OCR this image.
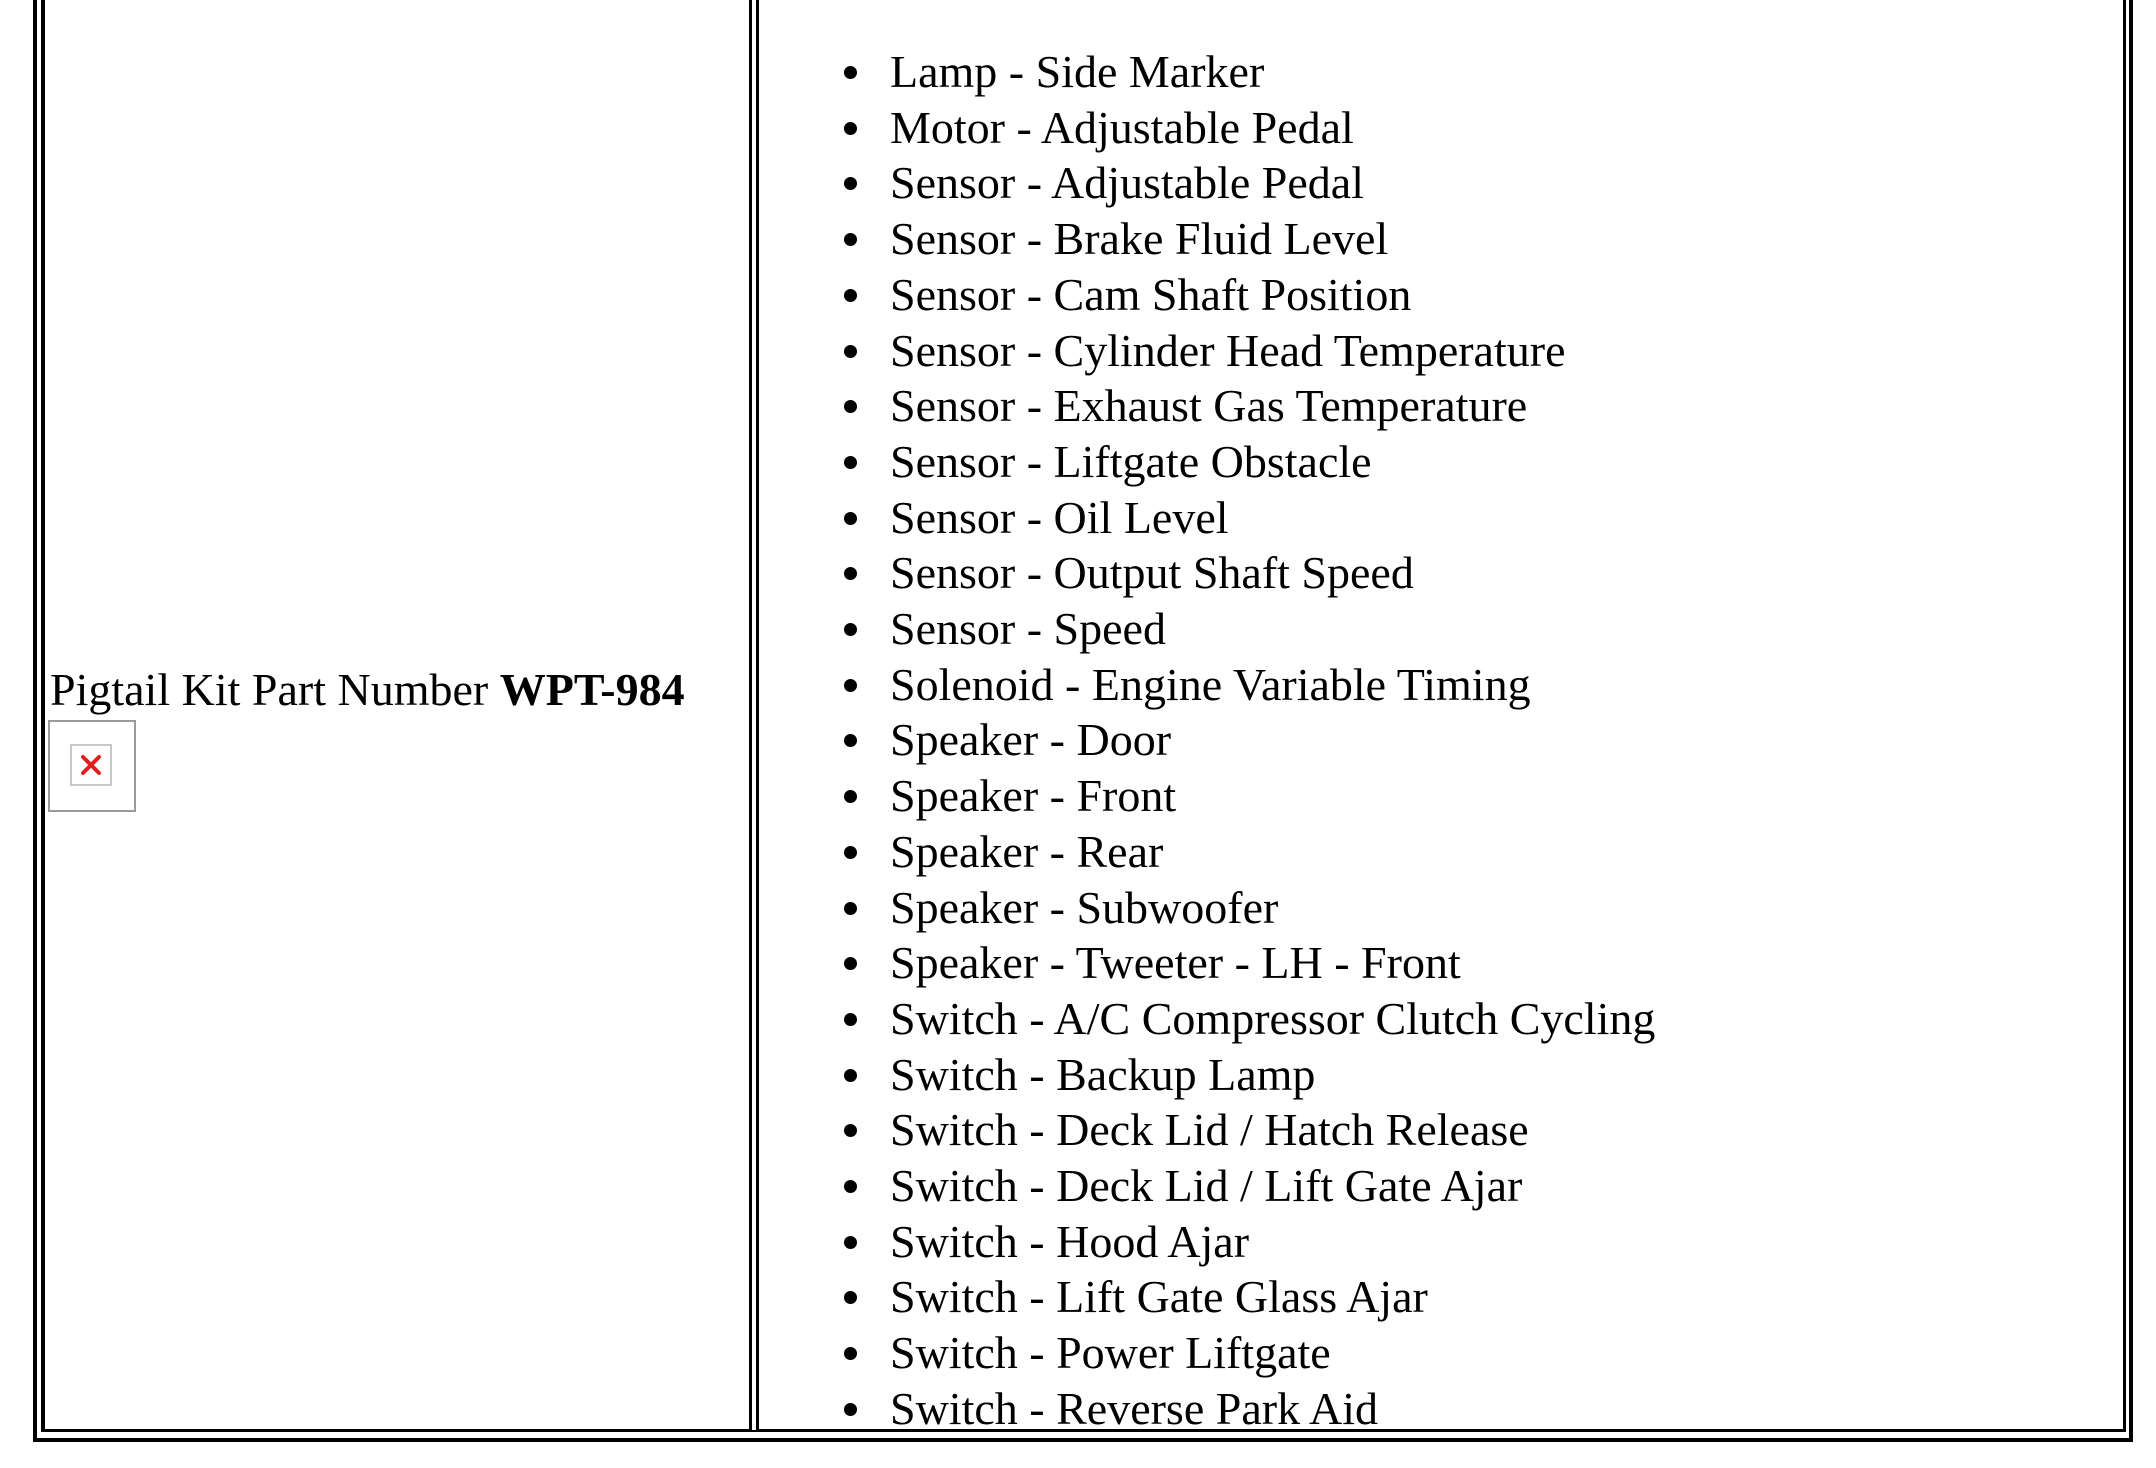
Pigtail Kit Part Number WPT-984
Lamp - Side Marker
Motor - Adjustable Pedal
Sensor - Adjustable Pedal
Sensor - Brake Fluid Level
Sensor - Cam Shaft Position
Sensor - Cylinder Head Temperature
Sensor - Exhaust Gas Temperature
Sensor - Liftgate Obstacle
Sensor - Oil Level
Sensor - Output Shaft Speed
Sensor - Speed
Solenoid - Engine Variable Timing
Speaker - Door
Speaker - Front
Speaker - Rear
Speaker - Subwoofer
Speaker - Tweeter - LH - Front
Switch - A/C Compressor Clutch Cycling
Switch - Backup Lamp
Switch - Deck Lid / Hatch Release
Switch - Deck Lid / Lift Gate Ajar
Switch - Hood Ajar
Switch - Lift Gate Glass Ajar
Switch - Power Liftgate
Switch - Reverse Park Aid
